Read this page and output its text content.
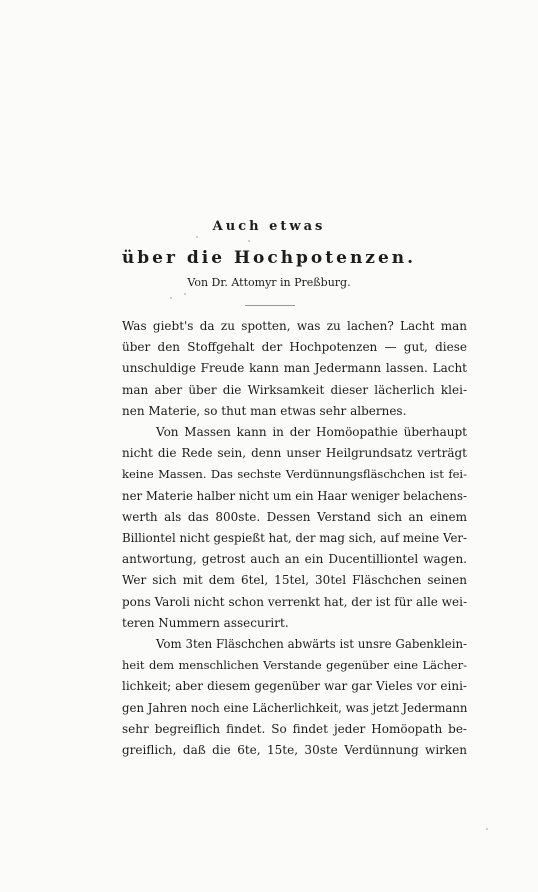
Auch etwas
über die Hochpotenzen.
Von Dr. Attomyr in Preßburg.

Was giebt's da zu spotten, was zu lachen? Lacht man
über den Stoffgehalt der Hochpotenzen — gut, diese
unschuldige Freude kann man Jedermann lassen. Lacht
man aber über die Wirksamkeit dieser lächerlich klei-
nen Materie, so thut man etwas sehr albernes.

Von Massen kann in der Homöopathie überhaupt
nicht die Rede sein, denn unser Heilgrundsatz verträgt
keine Massen. Das sechste Verdünnungsfläschchen ist fei-
ner Materie halber nicht um ein Haar weniger belachens-
werth als das 800ste. Dessen Verstand sich an einem
Billiontel nicht gespießt hat, der mag sich, auf meine Ver-
antwortung, getrost auch an ein Ducentilliontel wagen.
Wer sich mit dem 6tel, 15tel, 30tel Fläschchen seinen
pons Varoli nicht schon verrenkt hat, der ist für alle wei-
teren Nummern assecurirt.

Vom 3ten Fläschchen abwärts ist unsre Gabenklein-
heit dem menschlichen Verstande gegenüber eine Lächer-
lichkeit; aber diesem gegenüber war gar Vieles vor eini-
gen Jahren noch eine Lächerlichkeit, was jetzt Jedermann
sehr begreiflich findet. So findet jeder Homöopath be-
greiflich, daß die 6te, 15te, 30ste Verdünnung wirken
